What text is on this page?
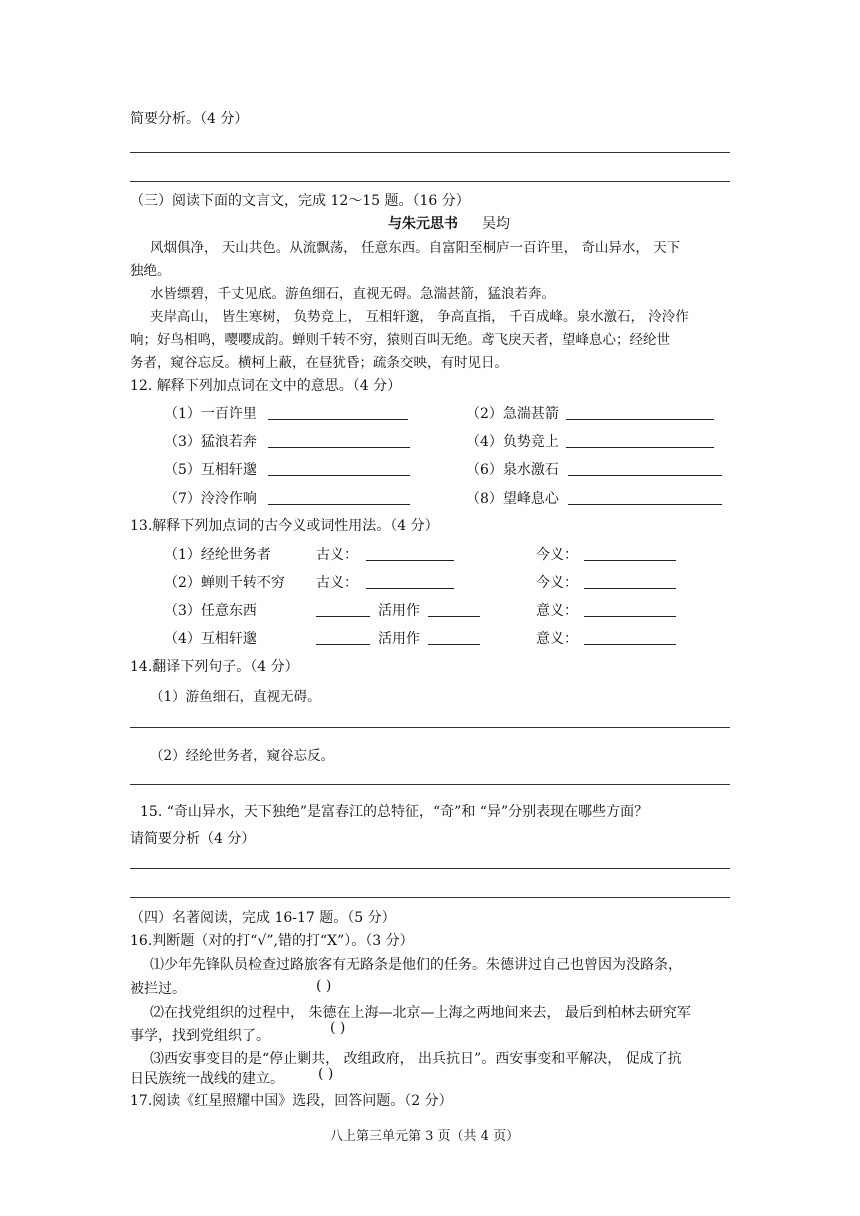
简要分析。（4 分）
（三）阅读下面的文言文，完成 12～15 题。（16 分）
与朱元思书 吴均
风烟俱净， 天山共色。从流飘荡， 任意东西。自富阳至桐庐一百许里， 奇山异水， 天下
独绝。
水皆缥碧，千丈见底。游鱼细石，直视无碍。急湍甚箭，猛浪若奔。
夹岸高山， 皆生寒树， 负势竞上， 互相轩邈， 争高直指， 千百成峰。泉水激石， 泠泠作
响；好鸟相鸣，嘤嘤成韵。蝉则千转不穷，猿则百叫无绝。鸢飞戾天者，望峰息心；经纶世
务者，窥谷忘反。横柯上蔽，在昼犹昏；疏条交映，有时见日。
12. 解释下列加点词在文中的意思。（4 分）
（1）一百许里	（2）急湍甚箭
（3）猛浪若奔	（4）负势竞上
（5）互相轩邈	（6）泉水激石
（7）泠泠作响	（8）望峰息心
13.解释下列加点词的古今义或词性用法。（4 分）
（1）经纶世务者	古义：	今义：
（2）蝉则千转不穷 古义：	今义：
（3）任意东西	活用作	意义：
（4）互相轩邈	活用作	意义：
14.翻译下列句子。（4 分）
（1）游鱼细石，直视无碍。
（2）经纶世务者，窥谷忘反。
15. “奇山异水，天下独绝”是富春江的总特征，“奇”和 “异”分别表现在哪些方面？
请简要分析（4 分）
（四）名著阅读，完成 16-17 题。（5 分）
16.判断题（对的打“√”,错的打“X”）。（3 分）
⑴少年先锋队员检查过路旅客有无路条是他们的任务。朱德讲过自己也曾因为没路条，
被拦过。	( )
⑵在找党组织的过程中， 朱德在上海—北京—上海之两地间来去， 最后到柏林去研究军
事学，找到党组织了。	( )
⑶西安事变目的是“停止剿共， 改组政府， 出兵抗日”。西安事变和平解决， 促成了抗
日民族统一战线的建立。 ( )
17.阅读《红星照耀中国》选段，回答问题。（2 分）
八上第三单元第 3 页（共 4 页）
